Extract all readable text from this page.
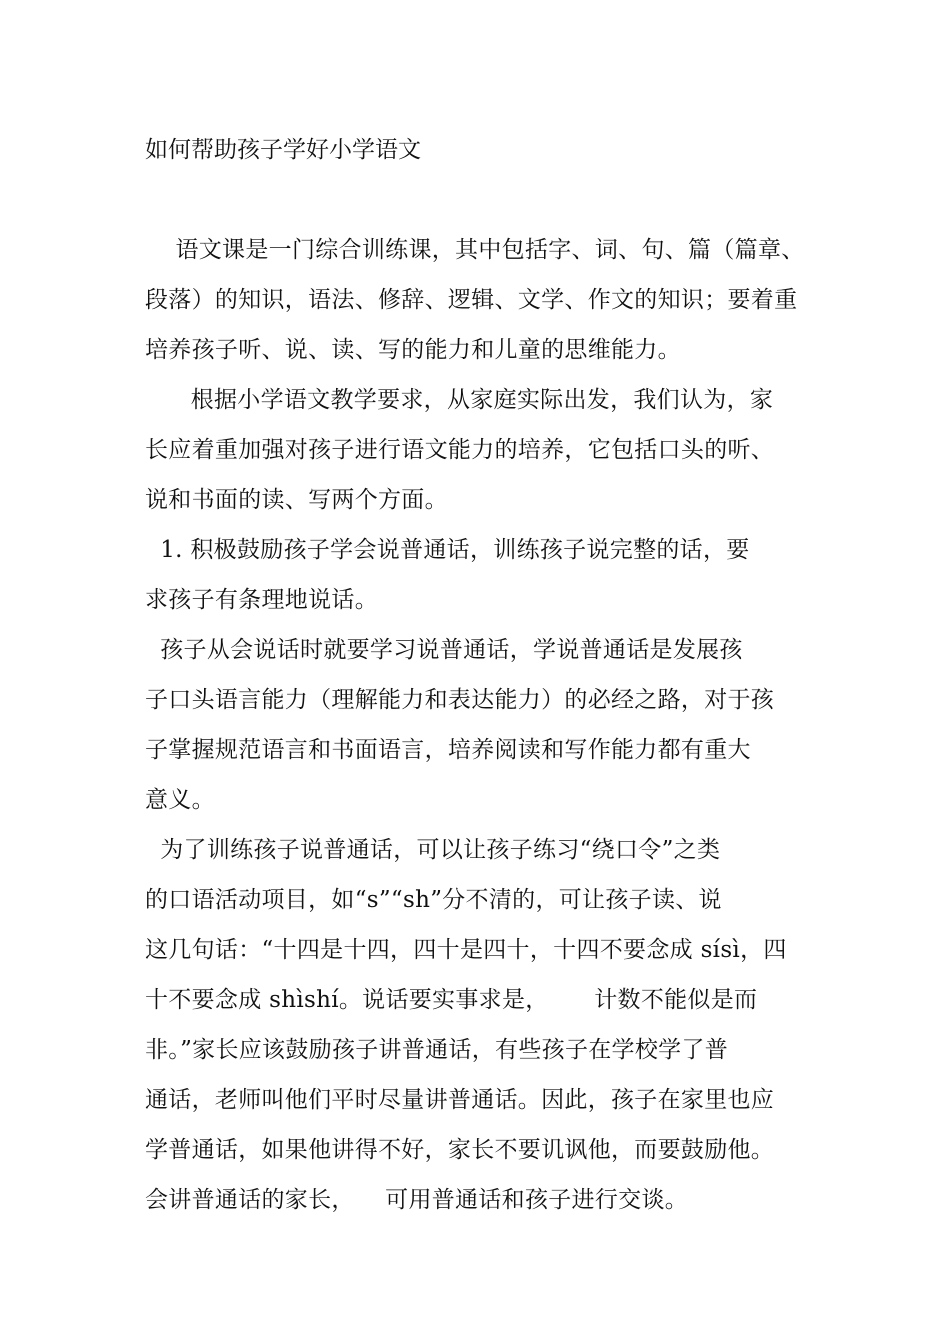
如何帮助孩子学好小学语文
语文课是一门综合训练课，其中包括字、词、句、篇（篇章、
段落）的知识，语法、修辞、逻辑、文学、作文的知识；要着重
培养孩子听、说、读、写的能力和儿童的思维能力。
根据小学语文教学要求，从家庭实际出发，我们认为，家
长应着重加强对孩子进行语文能力的培养，它包括口头的听、
说和书面的读、写两个方面。
1. 积极鼓励孩子学会说普通话，训练孩子说完整的话，要
求孩子有条理地说话。
孩子从会说话时就要学习说普通话，学说普通话是发展孩
子口头语言能力（理解能力和表达能力）的必经之路，对于孩
子掌握规范语言和书面语言，培养阅读和写作能力都有重大
意义。
为了训练孩子说普通话，可以让孩子练习“绕口令”之类
的口语活动项目，如“s”“sh”分不清的，可让孩子读、说
这几句话：“十四是十四，四十是四十，十四不要念成 sísì，四
十不要念成 shìshí。说话要实事求是，      计数不能似是而
非。”家长应该鼓励孩子讲普通话，有些孩子在学校学了普
通话，老师叫他们平时尽量讲普通话。因此，孩子在家里也应
学普通话，如果他讲得不好，家长不要讥讽他，而要鼓励他。
会讲普通话的家长，    可用普通话和孩子进行交谈。
